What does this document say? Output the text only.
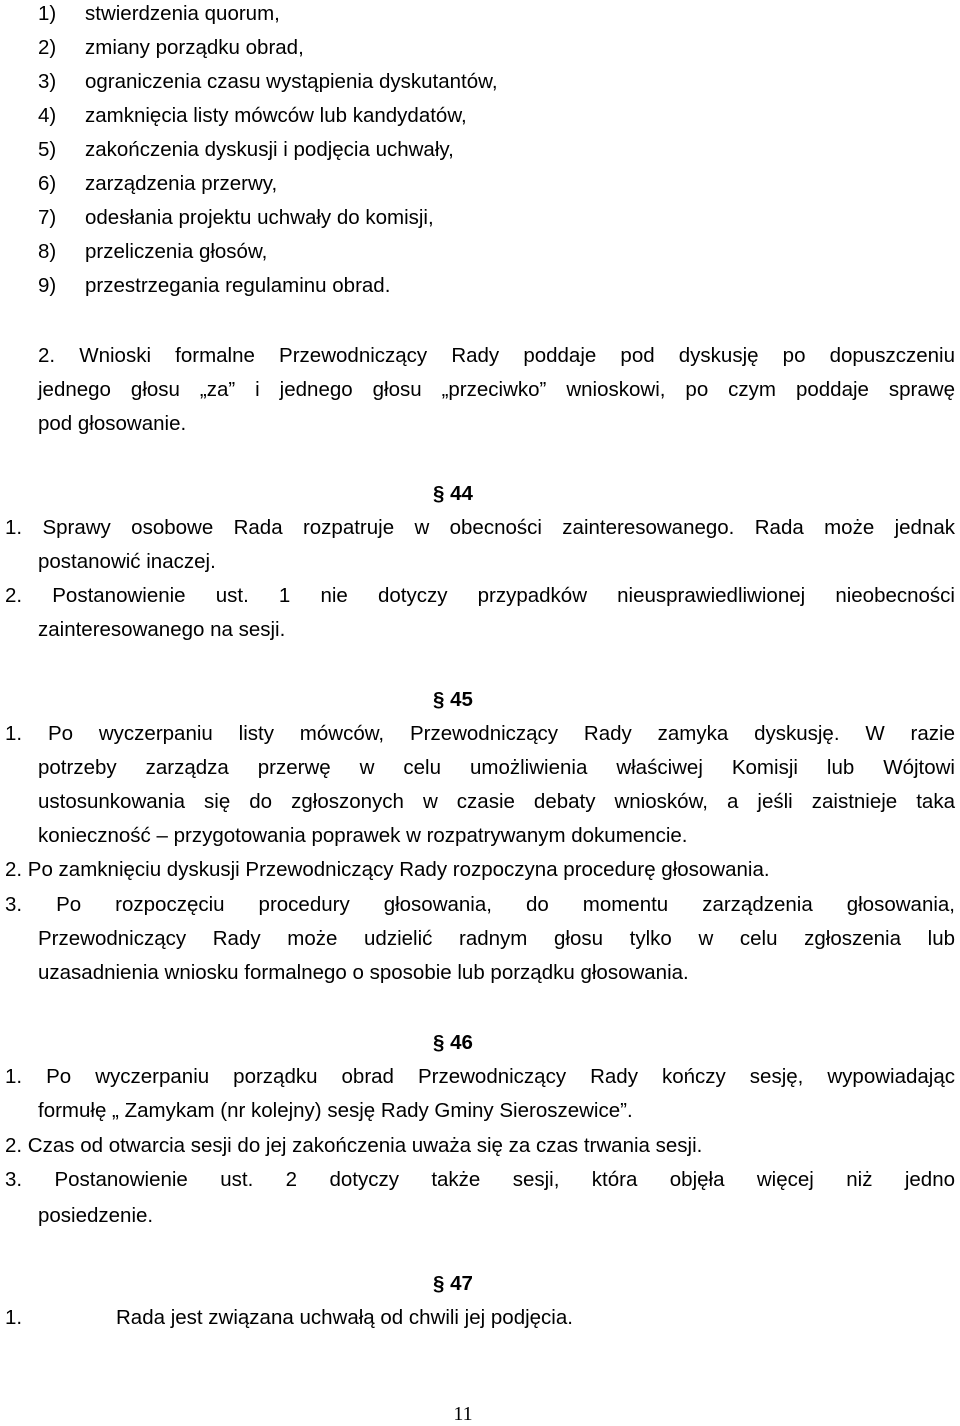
1) stwierdzenia quorum,
2) zmiany porządku obrad,
3) ograniczenia czasu wystąpienia dyskutantów,
4) zamknięcia listy mówców lub kandydatów,
5) zakończenia dyskusji i podjęcia uchwały,
6) zarządzenia przerwy,
7) odesłania projektu uchwały do komisji,
8) przeliczenia głosów,
9) przestrzegania regulaminu obrad.
2. Wnioski formalne Przewodniczący Rady poddaje pod dyskusję po dopuszczeniu
jednego głosu „za” i jednego głosu „przeciwko” wnioskowi, po czym poddaje sprawę
pod głosowanie.
§ 44
1. Sprawy osobowe Rada rozpatruje w obecności zainteresowanego. Rada może jednak
postanowić inaczej.
2. Postanowienie ust. 1 nie dotyczy przypadków nieusprawiedliwionej nieobecności
zainteresowanego na sesji.
§ 45
1. Po wyczerpaniu listy mówców, Przewodniczący Rady zamyka dyskusję. W razie
potrzeby zarządza przerwę w celu umożliwienia właściwej Komisji lub Wójtowi
ustosunkowania się do zgłoszonych w czasie debaty wniosków, a jeśli zaistnieje taka
konieczność – przygotowania poprawek w rozpatrywanym dokumencie.
2. Po zamknięciu dyskusji Przewodniczący Rady rozpoczyna procedurę głosowania.
3. Po rozpoczęciu procedury głosowania, do momentu zarządzenia głosowania,
Przewodniczący Rady może udzielić radnym głosu tylko w celu zgłoszenia lub
uzasadnienia wniosku formalnego o sposobie lub porządku głosowania.
§ 46
1. Po wyczerpaniu porządku obrad Przewodniczący Rady kończy sesję, wypowiadając
formułę „ Zamykam (nr kolejny) sesję Rady Gminy Sieroszewice”.
2. Czas od otwarcia sesji do jej zakończenia uważa się za czas trwania sesji.
3. Postanowienie ust. 2 dotyczy także sesji, która objęła więcej niż jedno
posiedzenie.
§ 47
1.	Rada jest związana uchwałą od chwili jej podjęcia.
11
